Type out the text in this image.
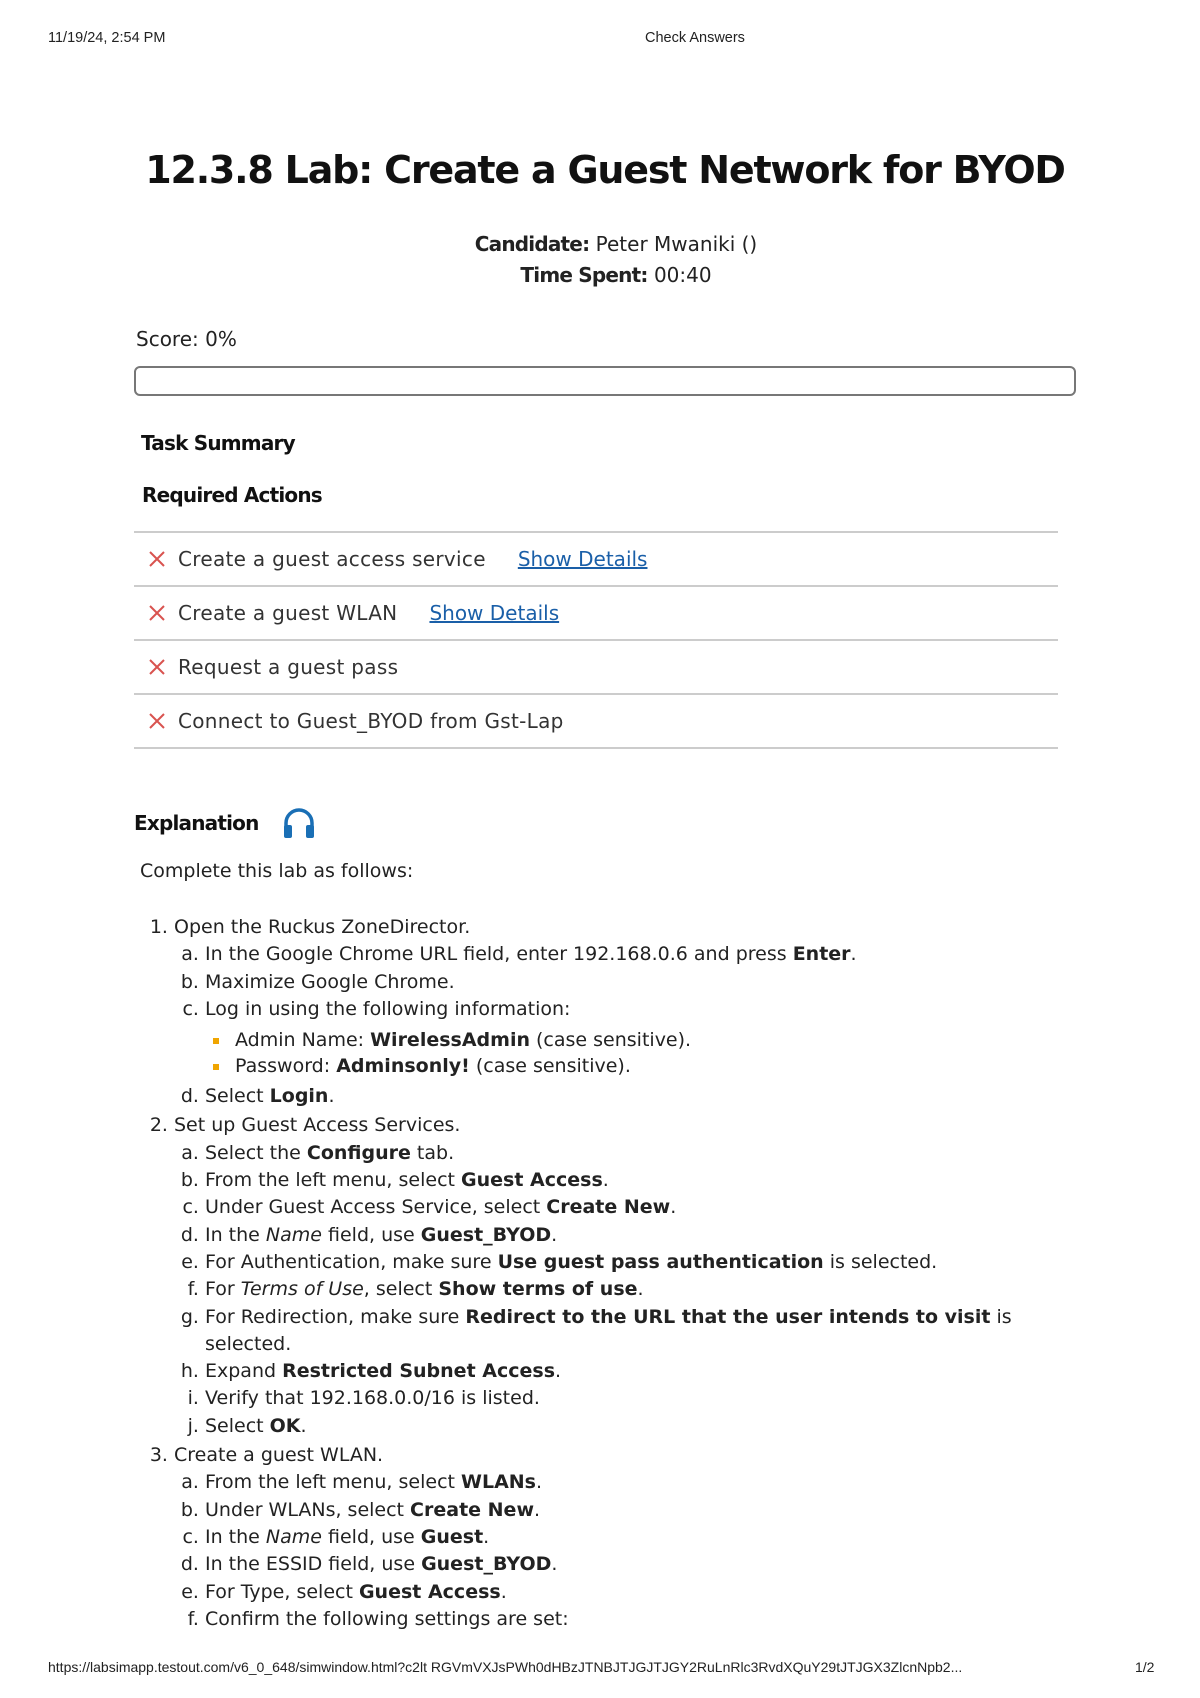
11/19/24, 2:54 PM	Check Answers
12.3.8 Lab: Create a Guest Network for BYOD
Candidate: Peter Mwaniki ()
Time Spent: 00:40
Score: 0%
Task Summary
Required Actions
Create a guest access service Show Details
Create a guest WLAN Show Details
Request a guest pass
Connect to Guest_BYOD from Gst-Lap
Explanation
Complete this lab as follows:
1. Open the Ruckus ZoneDirector.
a. In the Google Chrome URL field, enter 192.168.0.6 and press Enter.
b. Maximize Google Chrome.
c. Log in using the following information:
Admin Name: WirelessAdmin (case sensitive).
Password: Adminsonly! (case sensitive).
d. Select Login.
2. Set up Guest Access Services.
a. Select the Configure tab.
b. From the left menu, select Guest Access.
c. Under Guest Access Service, select Create New.
d. In the Name field, use Guest_BYOD.
e. For Authentication, make sure Use guest pass authentication is selected.
f. For Terms of Use, select Show terms of use.
g. For Redirection, make sure Redirect to the URL that the user intends to visit is selected.
h. Expand Restricted Subnet Access.
i. Verify that 192.168.0.0/16 is listed.
j. Select OK.
3. Create a guest WLAN.
a. From the left menu, select WLANs.
b. Under WLANs, select Create New.
c. In the Name field, use Guest.
d. In the ESSID field, use Guest_BYOD.
e. For Type, select Guest Access.
f. Confirm the following settings are set:
https://labsimapp.testout.com/v6_0_648/simwindow.html?c2lt RGVmVXJsPWh0dHBzJTNBJTJGJTJGY2RuLnRlc3RvdXQuY29tJTJGX3ZlcnNpb2...	1/2
